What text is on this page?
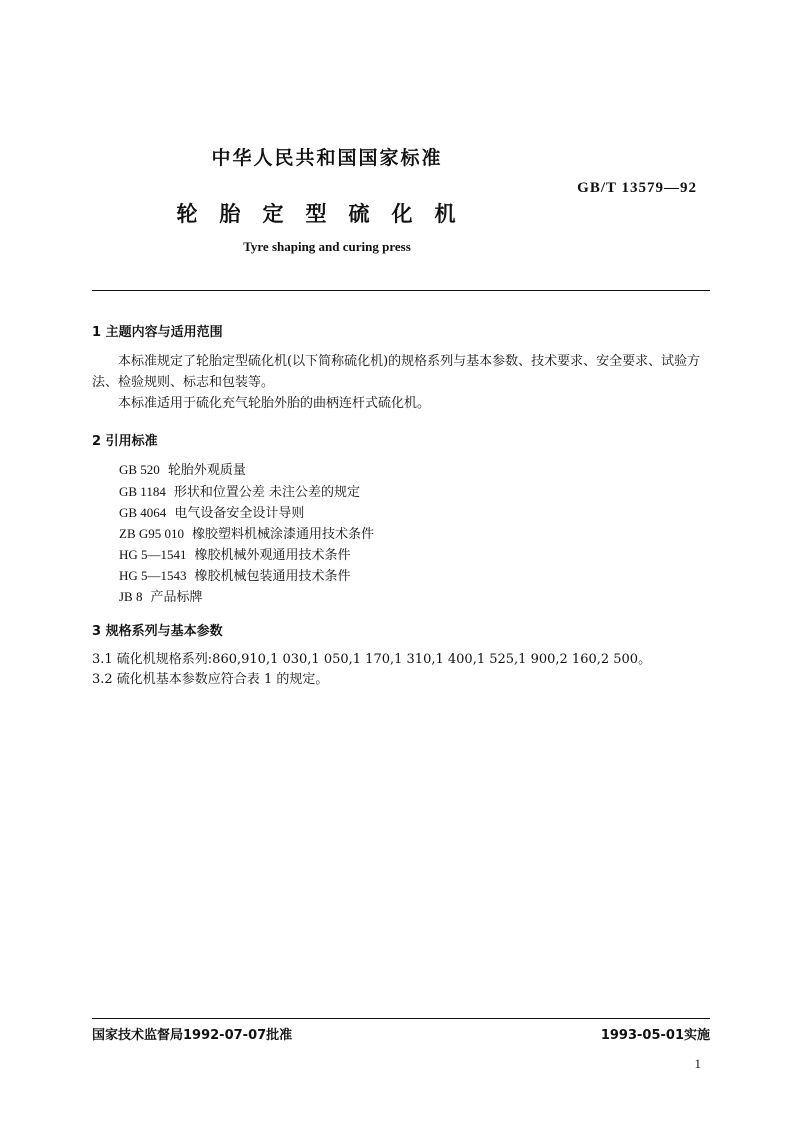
中华人民共和国国家标准
GB/T 13579—92
轮胎定型硫化机
Tyre shaping and curing press
1 主题内容与适用范围
本标准规定了轮胎定型硫化机(以下简称硫化机)的规格系列与基本参数、技术要求、安全要求、试验方法、检验规则、标志和包装等。
本标准适用于硫化充气轮胎外胎的曲柄连杆式硫化机。
2 引用标准
GB 520 轮胎外观质量
GB 1184 形状和位置公差 未注公差的规定
GB 4064 电气设备安全设计导则
ZB G95 010 橡胶塑料机械涂漆通用技术条件
HG 5—1541 橡胶机械外观通用技术条件
HG 5—1543 橡胶机械包装通用技术条件
JB 8 产品标牌
3 规格系列与基本参数
3.1 硫化机规格系列:860,910,1 030,1 050,1 170,1 310,1 400,1 525,1 900,2 160,2 500。
3.2 硫化机基本参数应符合表 1 的规定。
国家技术监督局1992-07-07批准	1993-05-01实施
1
